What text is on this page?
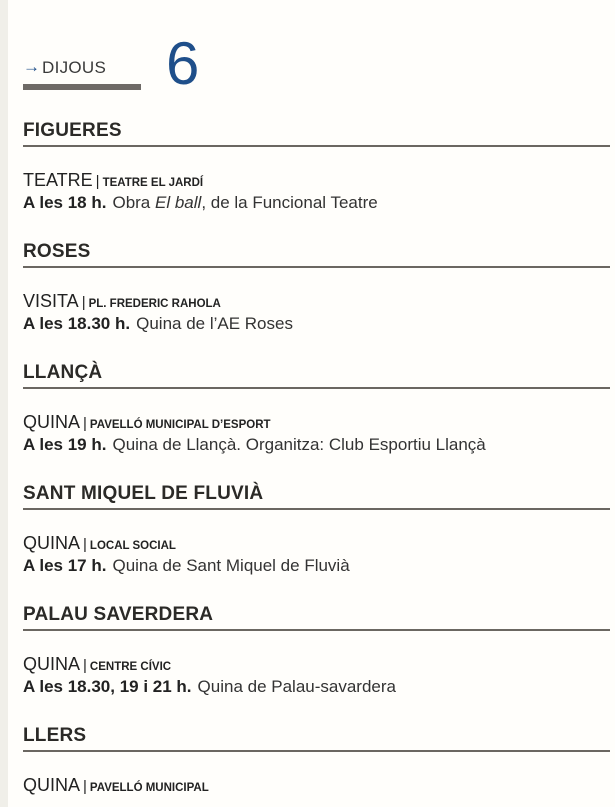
→ DIJOUS 6
FIGUERES
TEATRE | TEATRE EL JARDÍ
A les 18 h. Obra El ball, de la Funcional Teatre
ROSES
VISITA | PL. FREDERIC RAHOLA
A les 18.30 h. Quina de l’AE Roses
LLANÇÀ
QUINA | PAVELLÓ MUNICIPAL D’ESPORT
A les 19 h. Quina de Llançà. Organitza: Club Esportiu Llançà
SANT MIQUEL DE FLUVIÀ
QUINA | LOCAL SOCIAL
A les 17 h. Quina de Sant Miquel de Fluvià
PALAU SAVERDERA
QUINA | CENTRE CÍVIC
A les 18.30, 19 i 21 h. Quina de Palau-savardera
LLERS
QUINA | PAVELLÓ MUNICIPAL
